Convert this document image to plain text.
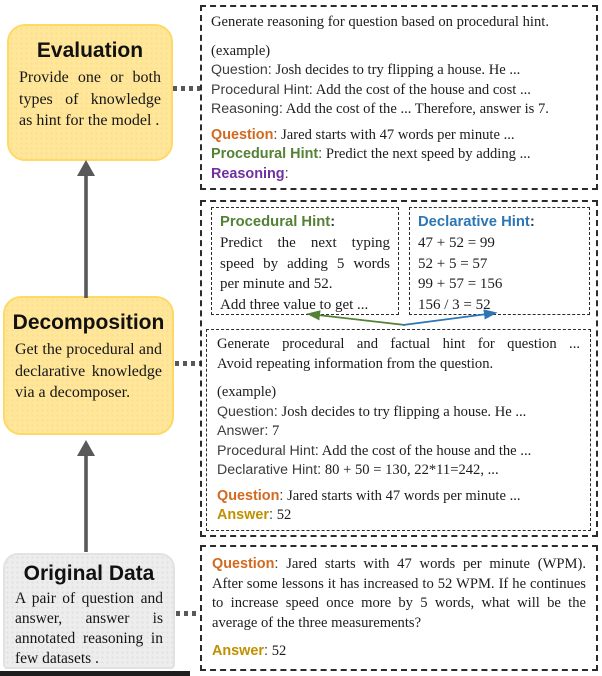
Evaluation
Provide one or both types of knowledge as hint for the model .
Decomposition
Get the procedural and declarative knowledge via a decomposer.
Original Data
A pair of question and answer, answer is annotated reasoning in few datasets .
Generate reasoning for question based on procedural hint.
(example)
Question: Josh decides to try flipping a house. He ...
Procedural Hint: Add the cost of the house and cost ...
Reasoning: Add the cost of the ... Therefore, answer is 7.
Question: Jared starts with 47 words per minute ...
Procedural Hint: Predict the next speed by adding ...
Reasoning:
Procedural Hint:
Predict the next typing speed by adding 5 words per minute and 52.
Add three value to get ...
Declarative Hint:
47 + 52 = 99
52 + 5 = 57
99 + 57 = 156
156 / 3 = 52
Generate procedural and factual hint for question ...
Avoid repeating information from the question.
(example)
Question: Josh decides to try flipping a house. He ...
Answer: 7
Procedural Hint: Add the cost of the house and the ...
Declarative Hint: 80 + 50 = 130, 22*11=242, ...
Question: Jared starts with 47 words per minute ...
Answer: 52
Question: Jared starts with 47 words per minute (WPM). After some lessons it has increased to 52 WPM. If he continues to increase speed once more by 5 words, what will be the average of the three measurements?
Answer: 52
